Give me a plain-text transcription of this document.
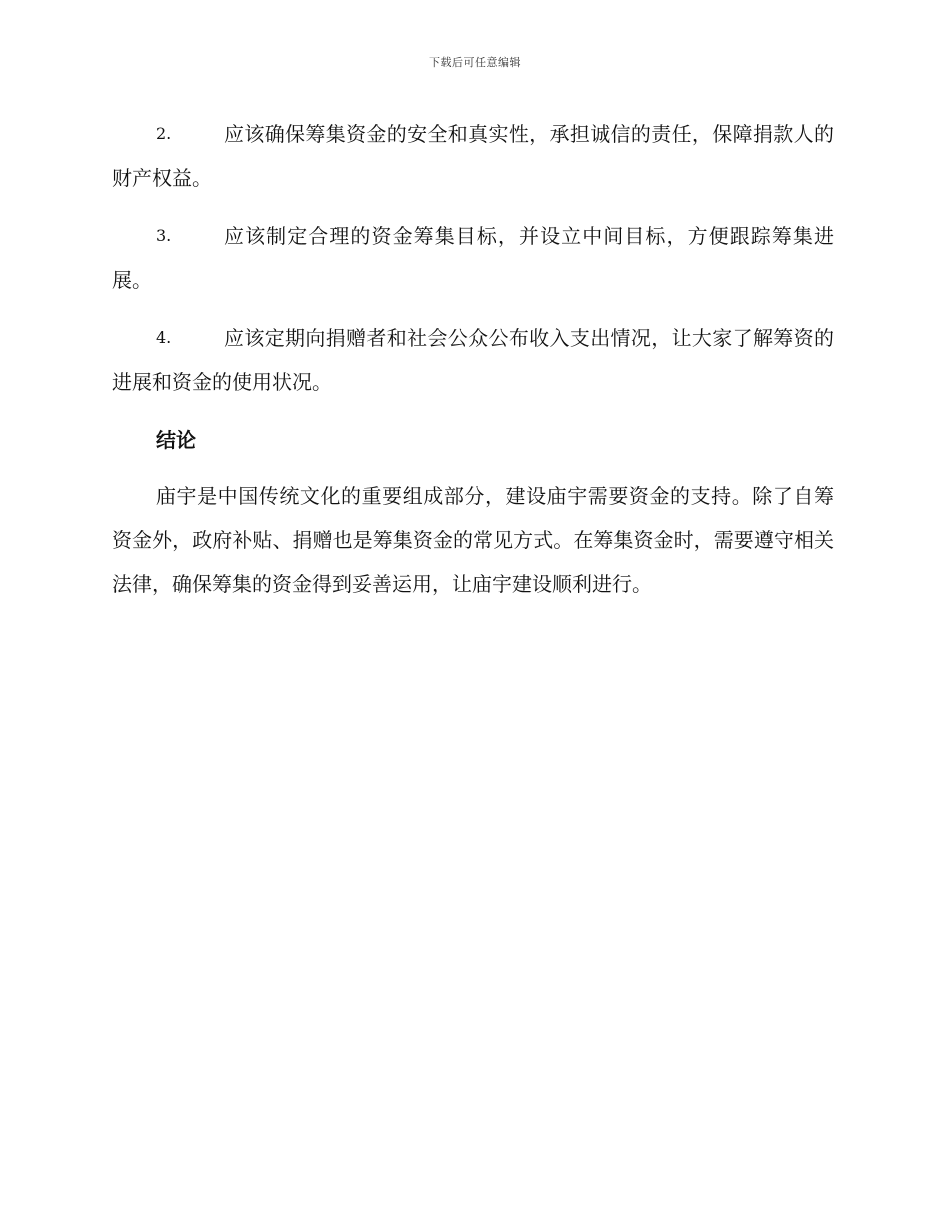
下载后可任意编辑
2.	应该确保筹集资金的安全和真实性，承担诚信的责任，保障捐款人的财产权益。
3.	应该制定合理的资金筹集目标，并设立中间目标，方便跟踪筹集进展。
4.	应该定期向捐赠者和社会公众公布收入支出情况，让大家了解筹资的进展和资金的使用状况。
结论

庙宇是中国传统文化的重要组成部分，建设庙宇需要资金的支持。除了自筹资金外，政府补贴、捐赠也是筹集资金的常见方式。在筹集资金时，需要遵守相关法律，确保筹集的资金得到妥善运用，让庙宇建设顺利进行。
